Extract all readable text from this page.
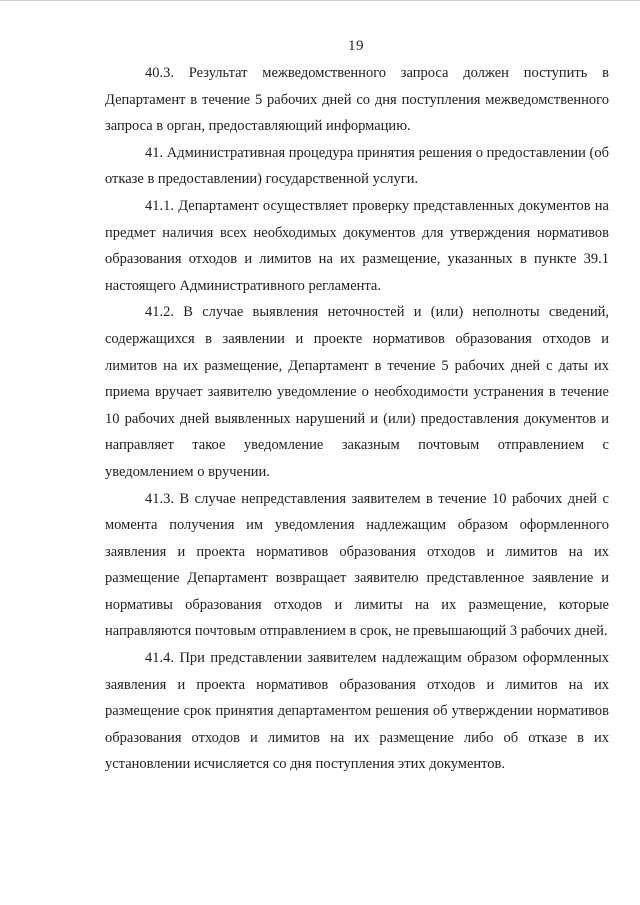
19

40.3. Результат межведомственного запроса должен поступить в Департамент в течение 5 рабочих дней со дня поступления межведомственного запроса в орган, предоставляющий информацию.

41. Административная процедура принятия решения о предоставлении (об отказе в предоставлении) государственной услуги.

41.1. Департамент осуществляет проверку представленных документов на предмет наличия всех необходимых документов для утверждения нормативов образования отходов и лимитов на их размещение, указанных в пункте 39.1 настоящего Административного регламента.

41.2. В случае выявления неточностей и (или) неполноты сведений, содержащихся в заявлении и проекте нормативов образования отходов и лимитов на их размещение, Департамент в течение 5 рабочих дней с даты их приема вручает заявителю уведомление о необходимости устранения в течение 10 рабочих дней выявленных нарушений и (или) предоставления документов и направляет такое уведомление заказным почтовым отправлением с уведомлением о вручении.

41.3. В случае непредставления заявителем в течение 10 рабочих дней с момента получения им уведомления надлежащим образом оформленного заявления и проекта нормативов образования отходов и лимитов на их размещение Департамент возвращает заявителю представленное заявление и нормативы образования отходов и лимиты на их размещение, которые направляются почтовым отправлением в срок, не превышающий 3 рабочих дней.

41.4. При представлении заявителем надлежащим образом оформленных заявления и проекта нормативов образования отходов и лимитов на их размещение срок принятия департаментом решения об утверждении нормативов образования отходов и лимитов на их размещение либо об отказе в их установлении исчисляется со дня поступления этих документов.
